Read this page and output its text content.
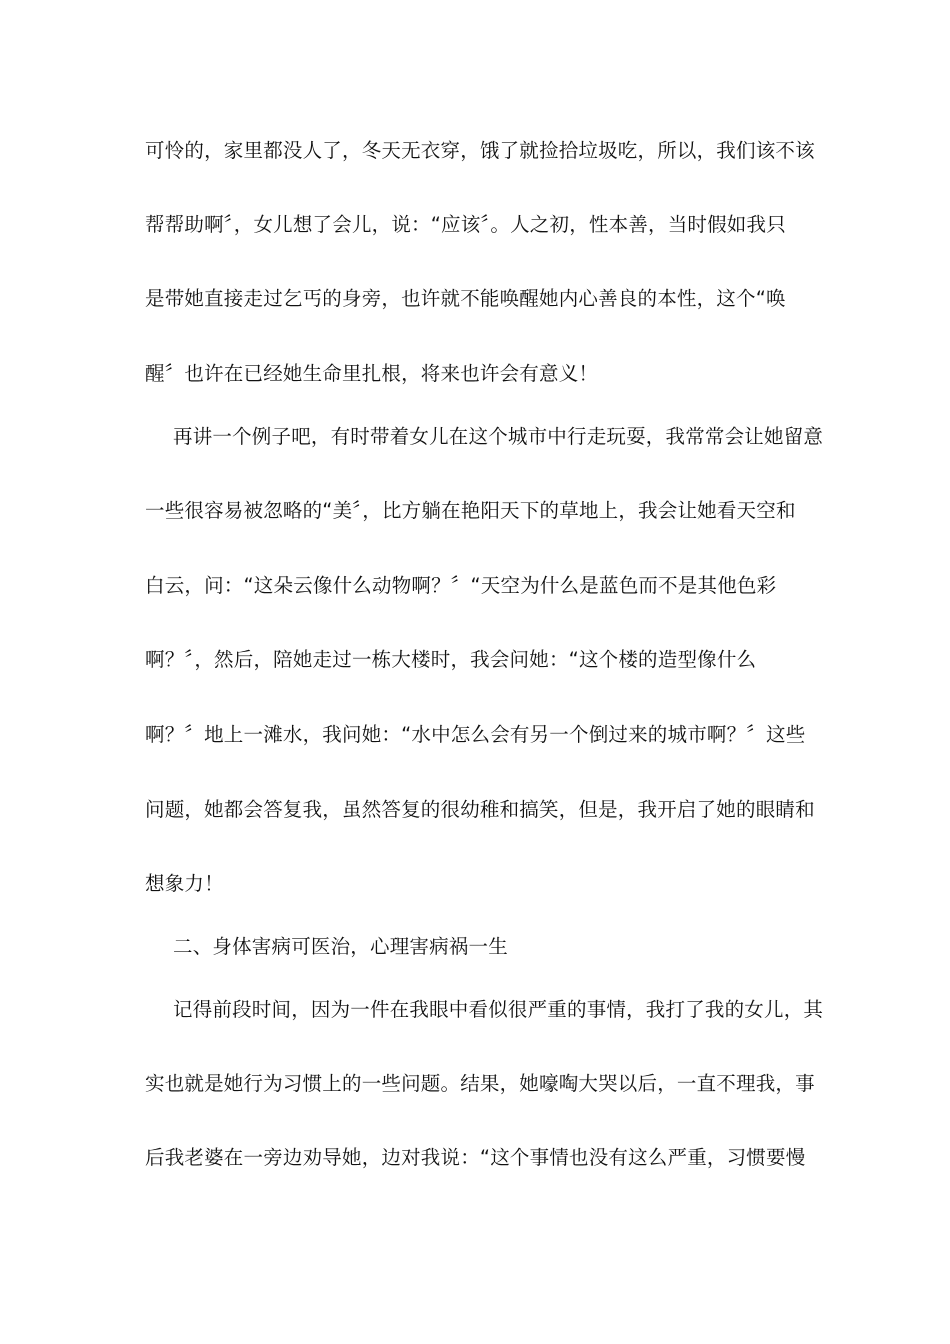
可怜的，家里都没人了，冬天无衣穿，饿了就捡拾垃圾吃，所以，我们该不该
帮帮助啊〞，女儿想了会儿，说：“应该〞。人之初，性本善，当时假如我只
是带她直接走过乞丐的身旁，也许就不能唤醒她内心善良的本性，这个“唤
醒〞也许在已经她生命里扎根，将来也许会有意义！
再讲一个例子吧，有时带着女儿在这个城市中行走玩耍，我常常会让她留意
一些很容易被忽略的“美〞，比方躺在艳阳天下的草地上，我会让她看天空和
白云，问：“这朵云像什么动物啊？〞“天空为什么是蓝色而不是其他色彩
啊？〞，然后，陪她走过一栋大楼时，我会问她：“这个楼的造型像什么
啊？〞地上一滩水，我问她：“水中怎么会有另一个倒过来的城市啊？〞这些
问题，她都会答复我，虽然答复的很幼稚和搞笑，但是，我开启了她的眼睛和
想象力！
二、身体害病可医治，心理害病祸一生
记得前段时间，因为一件在我眼中看似很严重的事情，我打了我的女儿，其
实也就是她行为习惯上的一些问题。结果，她嚎啕大哭以后，一直不理我，事
后我老婆在一旁边劝导她，边对我说：“这个事情也没有这么严重，习惯要慢
